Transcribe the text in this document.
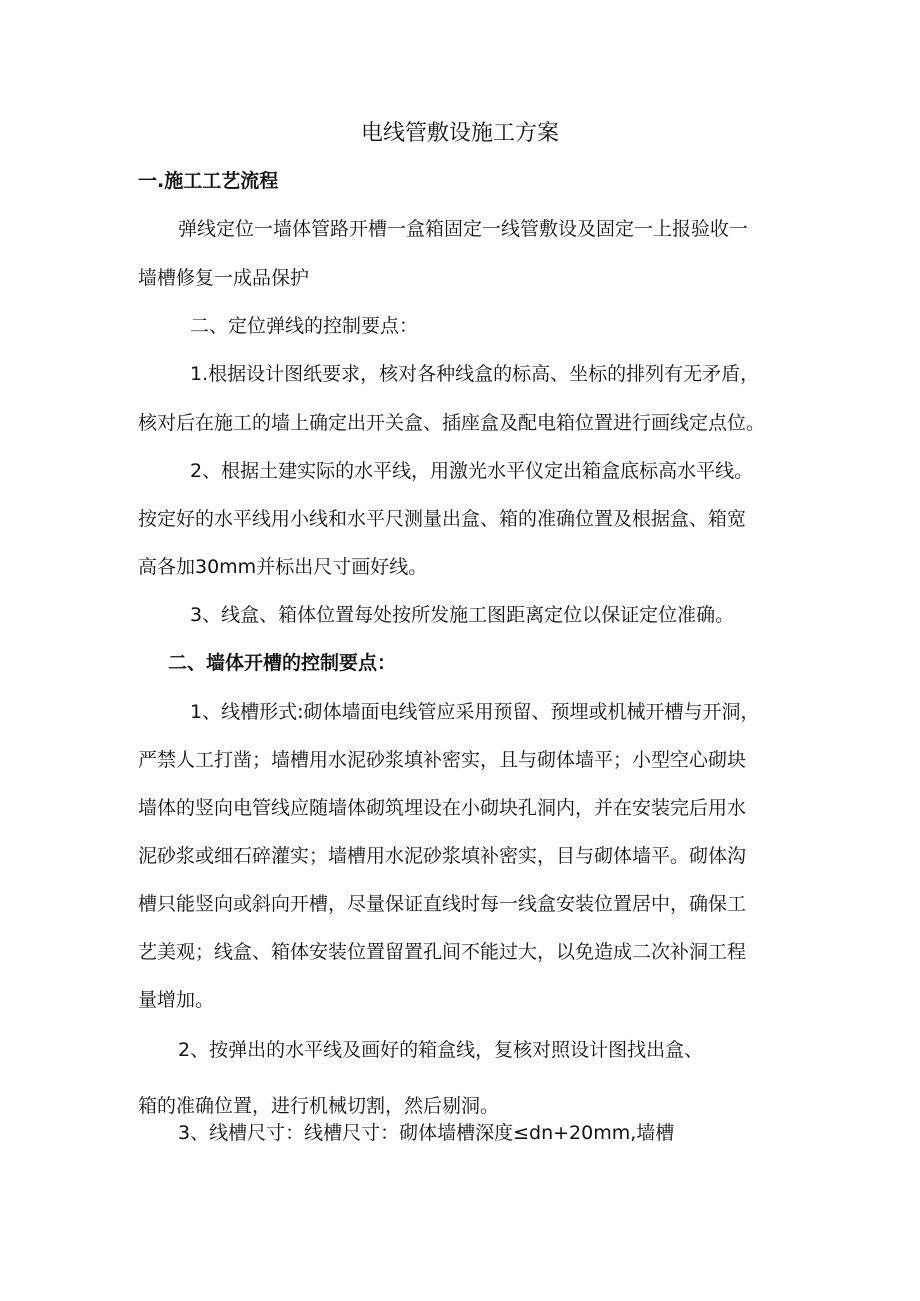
电线管敷设施工方案

一.施工工艺流程

弹线定位一墙体管路开槽一盒箱固定一线管敷设及固定一上报验收一

墙槽修复一成品保护

二、定位弹线的控制要点：

1.根据设计图纸要求，核对各种线盒的标高、坐标的排列有无矛盾，

核对后在施工的墙上确定出开关盒、插座盒及配电箱位置进行画线定点位。

2、根据土建实际的水平线，用激光水平仪定出箱盒底标高水平线。

按定好的水平线用小线和水平尺测量出盒、箱的准确位置及根据盒、箱宽

高各加30mm并标出尺寸画好线。

3、线盒、箱体位置每处按所发施工图距离定位以保证定位准确。

二、墙体开槽的控制要点：

1、线槽形式:砌体墙面电线管应采用预留、预埋或机械开槽与开洞，

严禁人工打凿；墙槽用水泥砂浆填补密实，且与砌体墙平；小型空心砌块

墙体的竖向电管线应随墙体砌筑埋设在小砌块孔洞内，并在安装完后用水

泥砂浆或细石碎灌实；墙槽用水泥砂浆填补密实，目与砌体墙平。砌体沟

槽只能竖向或斜向开槽，尽量保证直线时每一线盒安装位置居中，确保工

艺美观；线盒、箱体安装位置留置孔间不能过大，以免造成二次补洞工程

量增加。

2、按弹出的水平线及画好的箱盒线，复核对照设计图找出盒、

箱的准确位置，进行机械切割，然后剔洞。

3、线槽尺寸：线槽尺寸：砌体墙槽深度≤dn+20mm,墙槽
